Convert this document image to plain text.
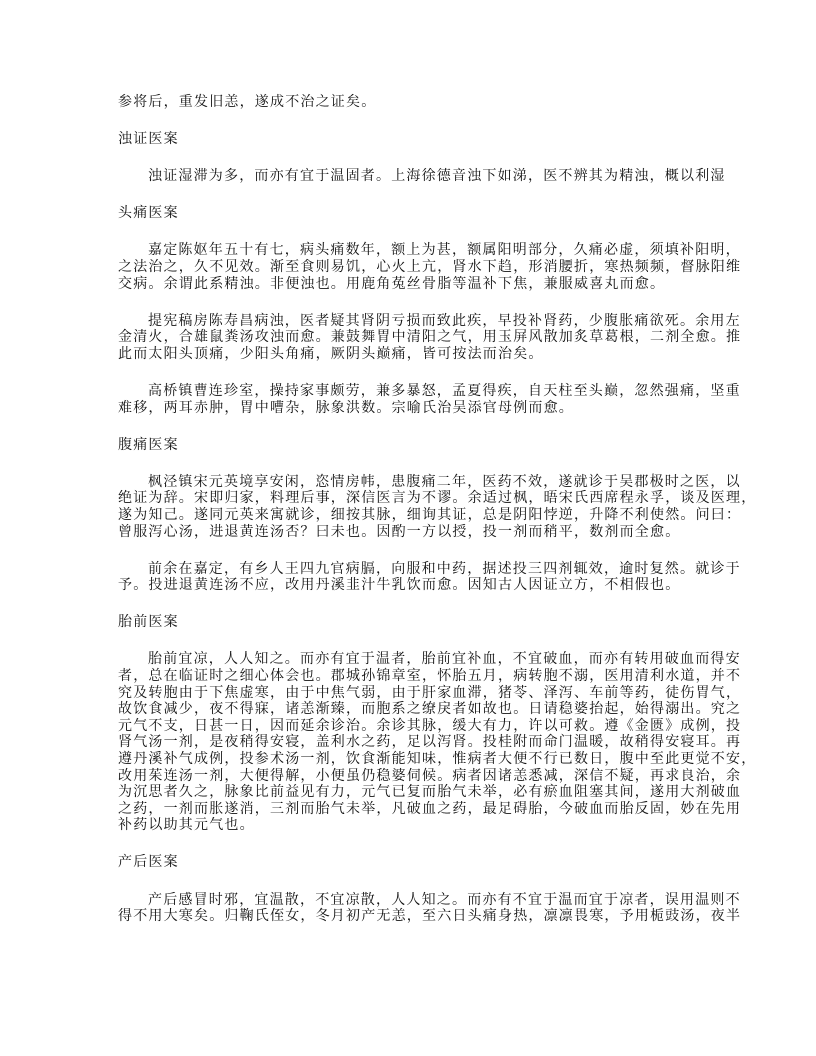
参将后，重发旧恙，遂成不治之证矣。
浊证医案
浊证湿滞为多，而亦有宜于温固者。上海徐德音浊下如涕，医不辨其为精浊，概以利湿
头痛医案
嘉定陈妪年五十有七，病头痛数年，额上为甚，额属阳明部分，久痛必虚，须填补阳明，
之法治之，久不见效。渐至食则易饥，心火上亢，肾水下趋，形消腰折，寒热频频，督脉阳维
交病。余谓此系精浊。非便浊也。用鹿角菟丝骨脂等温补下焦，兼服威喜丸而愈。
提宪稿房陈寿昌病浊，医者疑其肾阴亏损而致此疾，早投补肾药，少腹胀痛欲死。余用左
金清火，合雄鼠粪汤攻浊而愈。兼鼓舞胃中清阳之气，用玉屏风散加炙草葛根，二剂全愈。推
此而太阳头顶痛，少阳头角痛，厥阴头巅痛，皆可按法而治矣。
高桥镇曹连珍室，操持家事颇劳，兼多暴怒，孟夏得疾，自天柱至头巅，忽然强痛，坚重
难移，两耳赤肿，胃中嘈杂，脉象洪数。宗喻氏治吴添官母例而愈。
腹痛医案
枫泾镇宋元英境享安闲，恣情房帏，患腹痛二年，医药不效，遂就诊于吴郡极时之医，以
绝证为辞。宋即归家，料理后事，深信医言为不谬。余适过枫，晤宋氏西席程永孚，谈及医理，
遂为知己。遂同元英来寓就诊，细按其脉，细询其证，总是阴阳悖逆，升降不利使然。问曰：
曾服泻心汤，进退黄连汤否？曰未也。因酌一方以授，投一剂而稍平，数剂而全愈。
前余在嘉定，有乡人王四九官病膈，向服和中药，据述投三四剂辄效，逾时复然。就诊于
予。投进退黄连汤不应，改用丹溪韭汁牛乳饮而愈。因知古人因证立方，不相假也。
胎前医案
胎前宜凉，人人知之。而亦有宜于温者，胎前宜补血，不宜破血，而亦有转用破血而得安
者，总在临证时之细心体会也。郡城孙锦章室，怀胎五月，病转胞不溺，医用清利水道，并不
究及转胞由于下焦虚寒，由于中焦气弱，由于肝家血滞，猪苓、泽泻、车前等药，徒伤胃气，
故饮食减少，夜不得寐，诸恙渐臻，而胞系之缭戾者如故也。日请稳婆抬起，始得溺出。究之
元气不支，日甚一日，因而延余诊治。余诊其脉，缓大有力，许以可救。遵《金匮》成例，投
肾气汤一剂，是夜稍得安寝，盖利水之药，足以泻肾。投桂附而命门温暖，故稍得安寝耳。再
遵丹溪补气成例，投参术汤一剂，饮食渐能知味，惟病者大便不行已数日，腹中至此更觉不安，
改用茱连汤一剂，大便得解，小便虽仍稳婆伺候。病者因诸恙悉减，深信不疑，再求良治，余
为沉思者久之，脉象比前益见有力，元气已复而胎气未举，必有瘀血阻塞其间，遂用大剂破血
之药，一剂而胀遂消，三剂而胎气未举，凡破血之药，最足碍胎，今破血而胎反固，妙在先用
补药以助其元气也。
产后医案
产后感冒时邪，宜温散，不宜凉散，人人知之。而亦有不宜于温而宜于凉者，误用温则不
得不用大寒矣。归鞠氏侄女，冬月初产无恙，至六日头痛身热，凛凛畏寒，予用栀豉汤，夜半
